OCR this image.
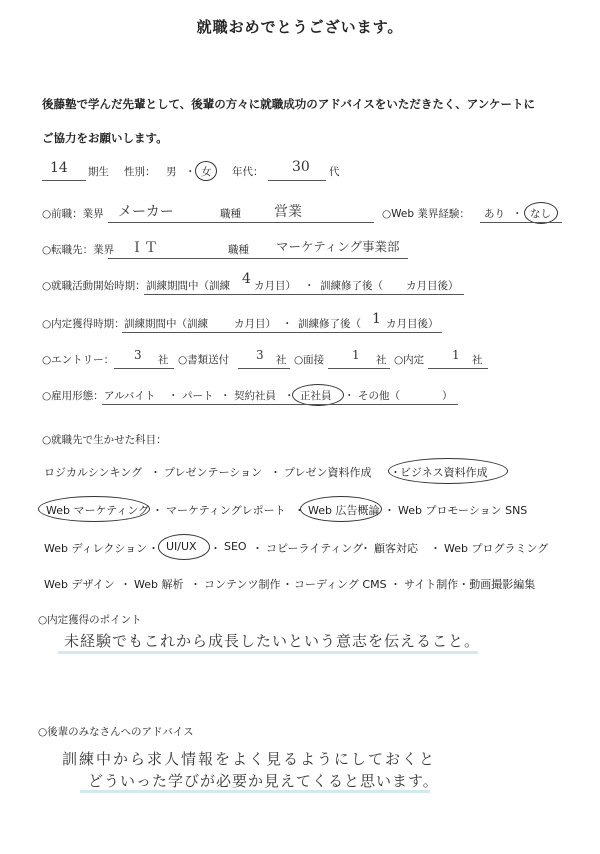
就職おめでとうございます。
後藤塾で学んだ先輩として、後輩の方々に就職成功のアドバイスをいただきたく、アンケートに
ご協力をお願いします。
14 期生 性別： 男 ・ 女 年代： 30 代
○前職：業界 メーカー	職種 営業	○Web 業界経験： あり ・ なし
○転職先：業界 ＩＴ	職種 マーケティング事業部
○就職活動開始時期： 訓練期間中（訓練 4 カ月目） ・ 訓練修了後（ カ月目後）
○内定獲得時期： 訓練期間中（訓練 カ月目） ・ 訓練修了後（ 1 カ月目後）
○エントリー： 3 社 ○書類送付 3 社 ○面接 1 社 ○内定 1 社
○雇用形態： アルバイト ・ パート ・ 契約社員 ・ 正社員 ・ その他（	）
○就職先で生かせた科目：
ロジカルシンキング ・ プレゼンテーション ・ プレゼン資料作成 ・ ビジネス資料作成
Web マーケティング ・ マーケティングレポート ・ Web 広告概論 ・ Web プロモーション SNS
Web ディレクション ・ UI/UX ・ SEO ・ コピーライティング
・ 顧客対応 ・ Web プログラミング
Web デザイン ・ Web 解析 ・ コンテンツ制作 ・ コーディング CMS ・ サイト制作・動画撮影編集
○内定獲得のポイント
未経験でもこれから成長したいという意志を伝えること。
○後輩のみなさんへのアドバイス
訓練中から求人情報をよく見るようにしておくと
どういった学びが必要か見えてくると思います。
